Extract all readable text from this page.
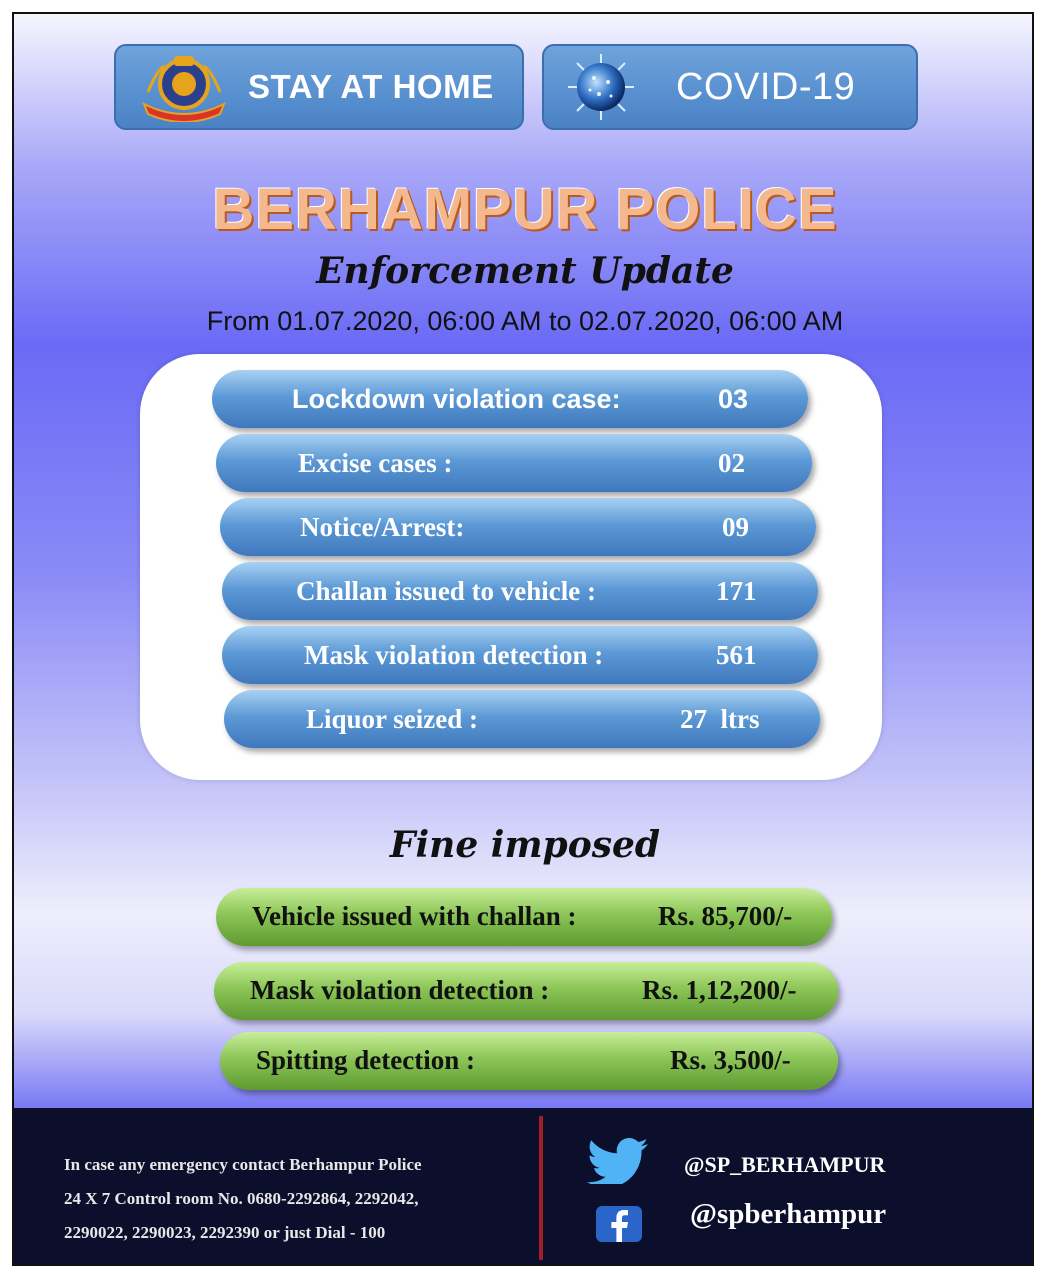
STAY AT HOME	COVID-19
BERHAMPUR POLICE
Enforcement Update
From 01.07.2020, 06:00 AM to 02.07.2020, 06:00 AM
Lockdown violation case:	03
Excise cases :	02
Notice/Arrest:	09
Challan issued to vehicle :	171
Mask violation detection :	561
Liquor seized :	27  ltrs
Fine imposed
Vehicle issued with challan :	Rs. 85,700/-
Mask violation detection :	Rs. 1,12,200/-
Spitting detection :	Rs. 3,500/-
In case any emergency contact Berhampur Police
24 X 7 Control room No. 0680-2292864, 2292042,
2290022, 2290023, 2292390 or just Dial - 100
@SP_BERHAMPUR
@spberhampur
